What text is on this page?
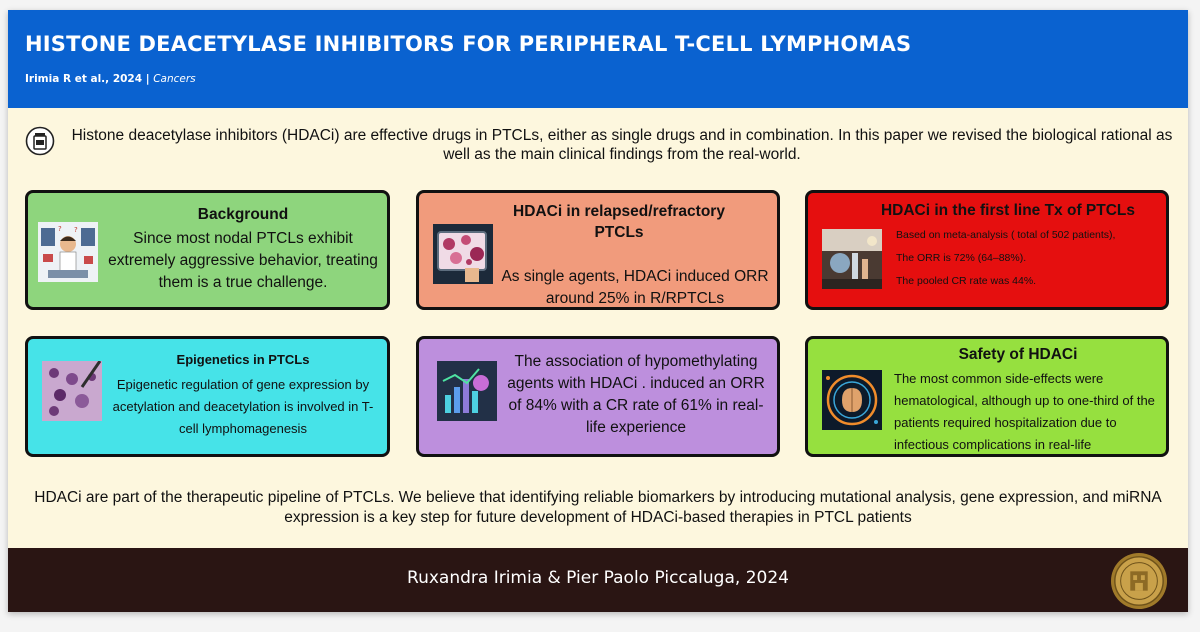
HISTONE DEACETYLASE INHIBITORS FOR PERIPHERAL T-CELL LYMPHOMAS
Irimia R et al., 2024 | Cancers
Histone deacetylase inhibitors (HDACi) are effective drugs in PTCLs, either as single drugs and in combination. In this paper we revised the biological rational as well as the main clinical findings from the real-world.
? ?
Background
Since most nodal PTCLs exhibit extremely aggressive behavior, treating them is a true challenge.
HDACi in relapsed/refractory PTCLs
As single agents, HDACi induced ORR around 25% in R/RPTCLs
HDACi in the first line Tx of PTCLs
Based on meta-analysis ( total of 502 patients),
The ORR is 72% (64–88%).
The pooled CR rate was 44%.
Epigenetics in PTCLs
Epigenetic regulation of gene expression by acetylation and deacetylation is involved in T-cell lymphomagenesis
The association of hypomethylating agents with HDACi . induced an ORR of 84% with a CR rate of 61% in real-life experience
Safety of HDACi
The most common side-effects were hematological, although up to one-third of the patients required hospitalization due to infectious complications in real-life
HDACi are part of the therapeutic pipeline of PTCLs. We believe that identifying reliable biomarkers by introducing mutational analysis, gene expression, and miRNA expression is a key step for future development of HDACi-based therapies in PTCL patients
Ruxandra Irimia & Pier Paolo Piccaluga, 2024
